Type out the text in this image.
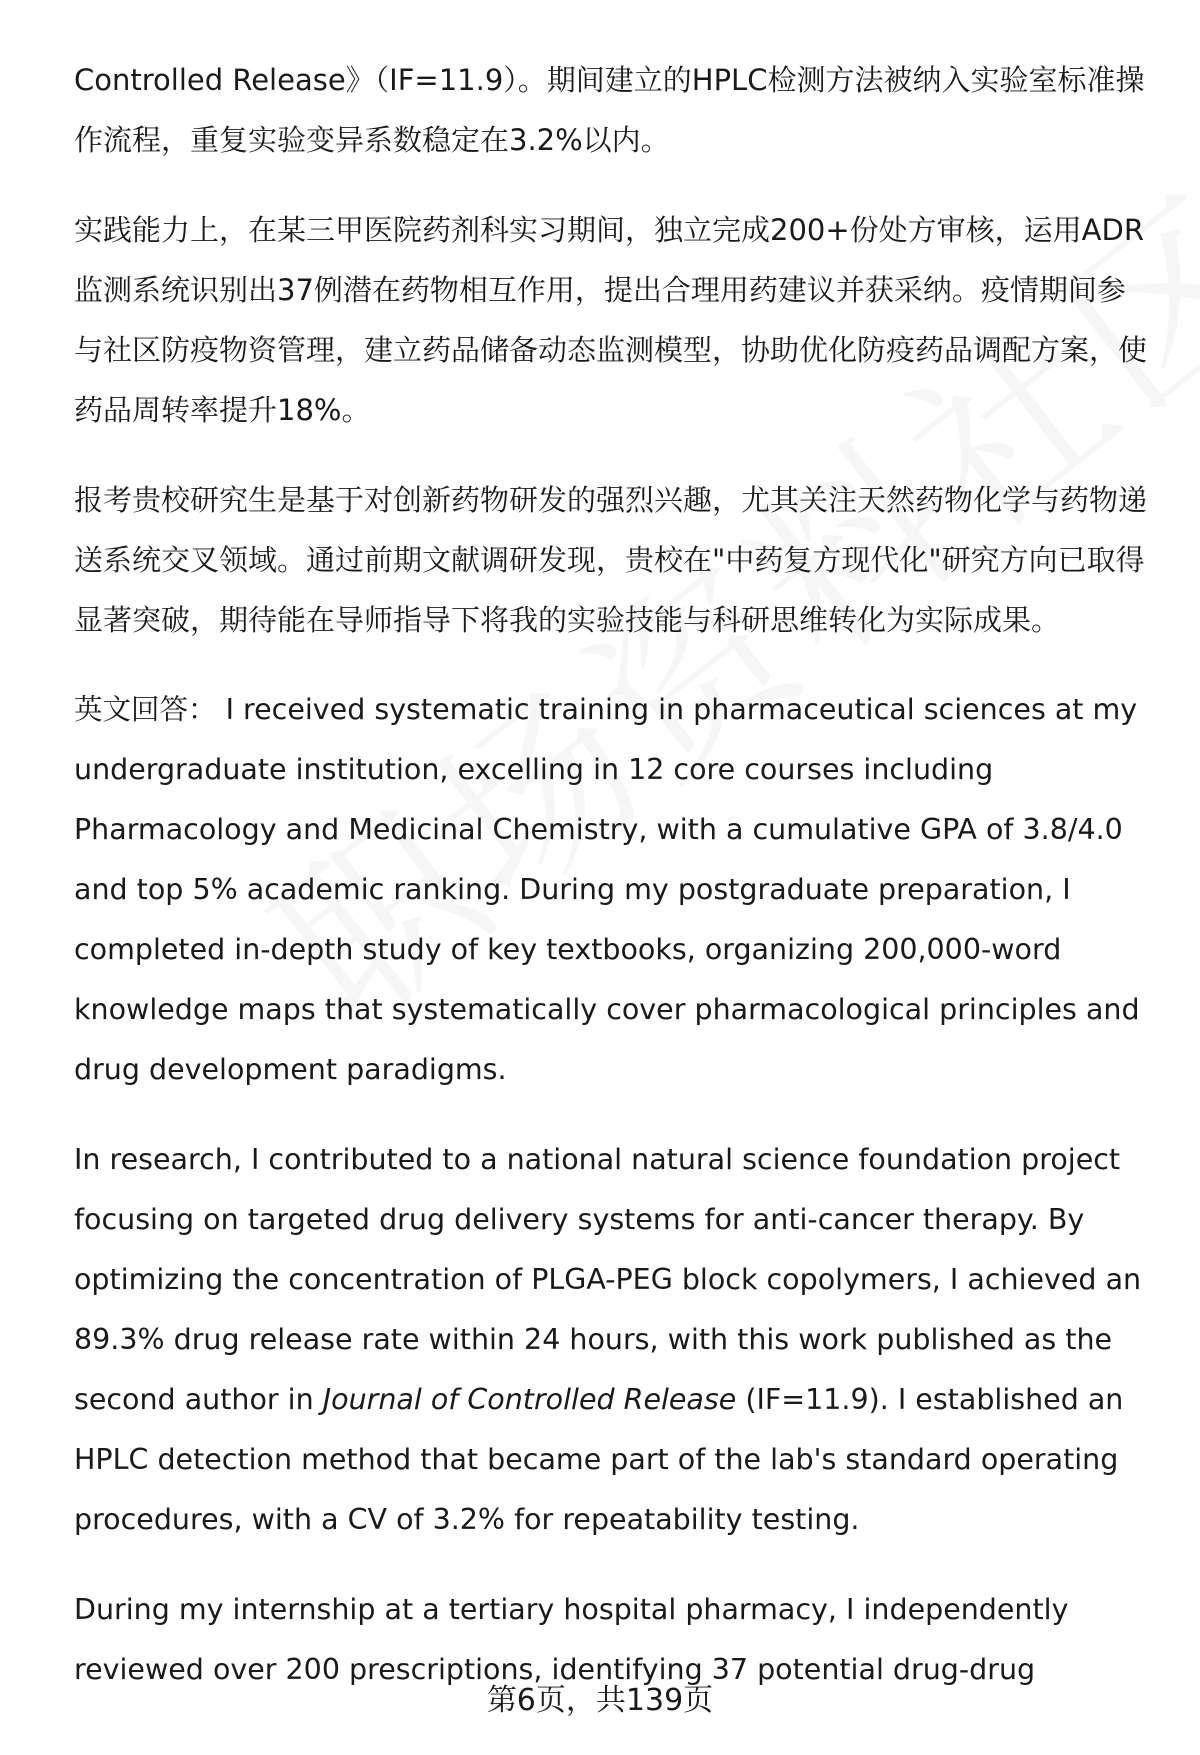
Controlled Release》（IF=11.9）。期间建立的HPLC检测方法被纳入实验室标准操作流程，重复实验变异系数稳定在3.2%以内。

实践能力上，在某三甲医院药剂科实习期间，独立完成200+份处方审核，运用ADR监测系统识别出37例潜在药物相互作用，提出合理用药建议并获采纳。疫情期间参与社区防疫物资管理，建立药品储备动态监测模型，协助优化防疫药品调配方案，使药品周转率提升18%。

报考贵校研究生是基于对创新药物研发的强烈兴趣，尤其关注天然药物化学与药物递送系统交叉领域。通过前期文献调研发现，贵校在"中药复方现代化"研究方向已取得显著突破，期待能在导师指导下将我的实验技能与科研思维转化为实际成果。

英文回答： I received systematic training in pharmaceutical sciences at my undergraduate institution, excelling in 12 core courses including Pharmacology and Medicinal Chemistry, with a cumulative GPA of 3.8/4.0 and top 5% academic ranking. During my postgraduate preparation, I completed in-depth study of key textbooks, organizing 200,000-word knowledge maps that systematically cover pharmacological principles and drug development paradigms.

In research, I contributed to a national natural science foundation project focusing on targeted drug delivery systems for anti-cancer therapy. By optimizing the concentration of PLGA-PEG block copolymers, I achieved an 89.3% drug release rate within 24 hours, with this work published as the second author in Journal of Controlled Release (IF=11.9). I established an HPLC detection method that became part of the lab's standard operating procedures, with a CV of 3.2% for repeatability testing.

During my internship at a tertiary hospital pharmacy, I independently reviewed over 200 prescriptions, identifying 37 potential drug-drug

第6页，共139页
